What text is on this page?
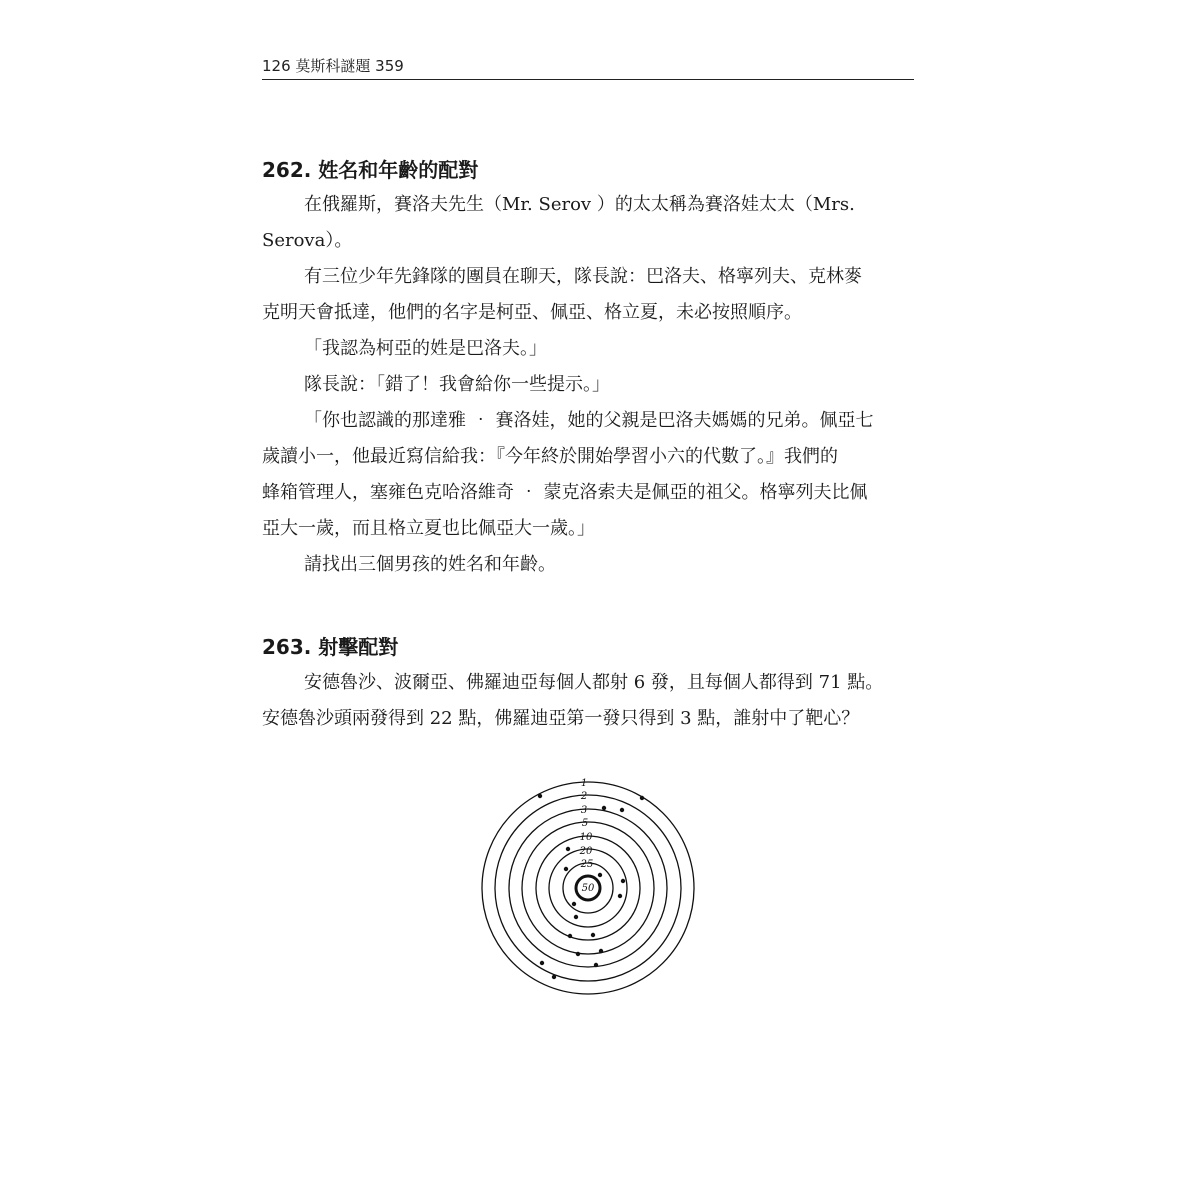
126 莫斯科謎題 359
262. 姓名和年齡的配對

在俄羅斯，賽洛夫先生（Mr. Serov ）的太太稱為賽洛娃太太（Mrs.
Serova）。

有三位少年先鋒隊的團員在聊天，隊長說：巴洛夫、格寧列夫、克林麥
克明天會抵達，他們的名字是柯亞、佩亞、格立夏，未必按照順序。

「我認為柯亞的姓是巴洛夫。」

隊長說：「錯了！我會給你一些提示。」

「你也認識的那達雅 ‧ 賽洛娃，她的父親是巴洛夫媽媽的兄弟。佩亞七
歲讀小一，他最近寫信給我：『今年終於開始學習小六的代數了。』我們的
蜂箱管理人，塞雍色克哈洛維奇 ‧ 蒙克洛索夫是佩亞的祖父。格寧列夫比佩
亞大一歲，而且格立夏也比佩亞大一歲。」

請找出三個男孩的姓名和年齡。

263. 射擊配對

安德魯沙、波爾亞、佛羅迪亞每個人都射 6 發，且每個人都得到 71 點。
安德魯沙頭兩發得到 22 點，佛羅迪亞第一發只得到 3 點，誰射中了靶心？

1
2
3
5
10
20
25
50
